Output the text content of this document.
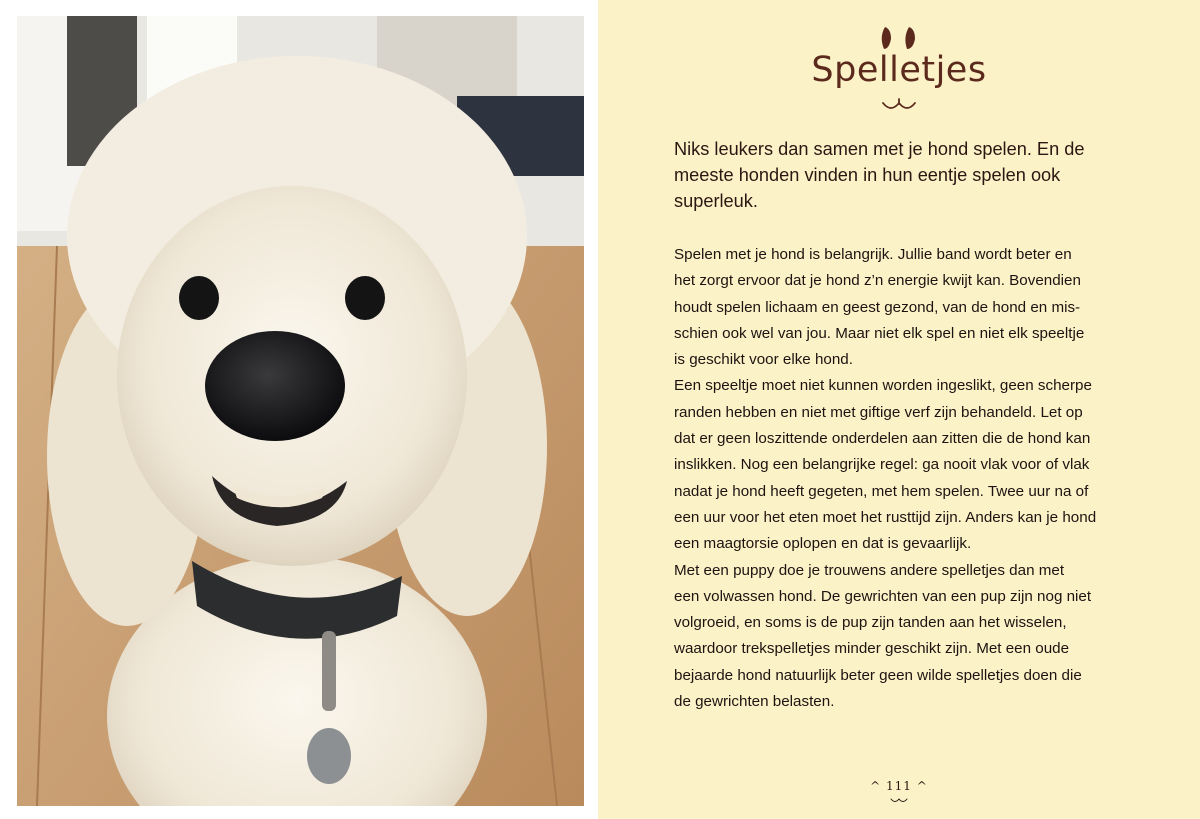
Spelletjes
Niks leukers dan samen met je hond spelen. En de meeste honden vinden in hun eentje spelen ook superleuk.
Spelen met je hond is belangrijk. Jullie band wordt beter en
het zorgt ervoor dat je hond z’n energie kwijt kan. Bovendien
houdt spelen lichaam en geest gezond, van de hond en mis-
schien ook wel van jou. Maar niet elk spel en niet elk speeltje
is geschikt voor elke hond.
Een speeltje moet niet kunnen worden ingeslikt, geen scherpe
randen hebben en niet met giftige verf zijn behandeld. Let op
dat er geen loszittende onderdelen aan zitten die de hond kan
inslikken. Nog een belangrijke regel: ga nooit vlak voor of vlak
nadat je hond heeft gegeten, met hem spelen. Twee uur na of
een uur voor het eten moet het rusttijd zijn. Anders kan je hond
een maagtorsie oplopen en dat is gevaarlijk.
Met een puppy doe je trouwens andere spelletjes dan met
een volwassen hond. De gewrichten van een pup zijn nog niet
volgroeid, en soms is de pup zijn tanden aan het wisselen,
waardoor trekspelletjes minder geschikt zijn. Met een oude
bejaarde hond natuurlijk beter geen wilde spelletjes doen die
de gewrichten belasten.
^ 111 ^
